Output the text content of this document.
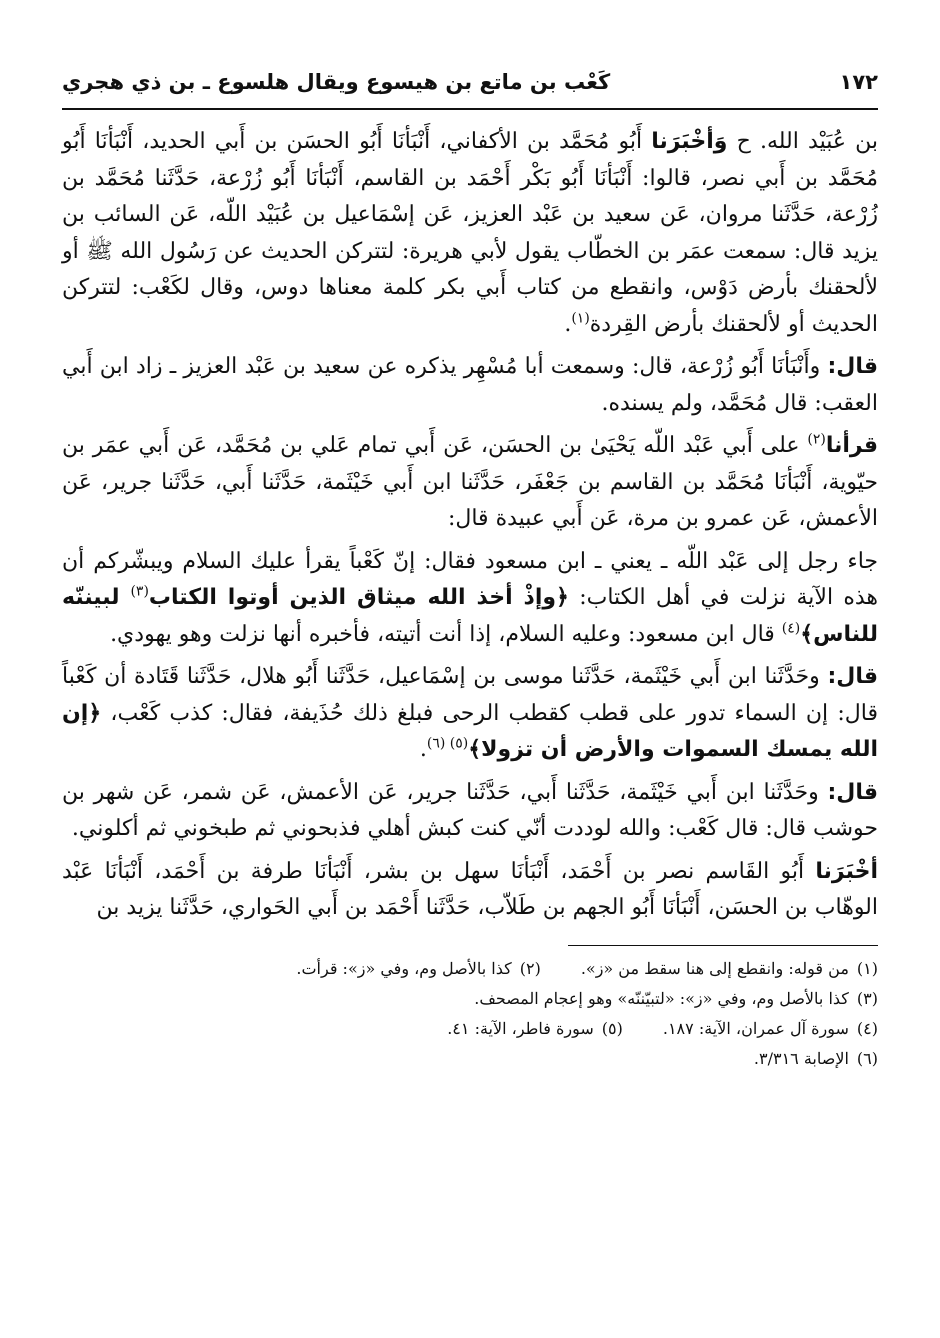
١٧٢
كَعْب بن ماتع بن هيسوع ويقال هلسوع ـ بن ذي هجري

بن عُبَيْد الله. ح وَأخْبَرَنا أَبُو مُحَمَّد بن الأكفاني، أَنْبَأنَا أَبُو الحسَن بن أَبي الحديد، أَنْبَأنَا أَبُو مُحَمَّد بن أَبي نصر، قالوا: أَنْبَأنَا أَبُو بَكْر أَحْمَد بن القاسم، أَنْبَأنَا أَبُو زُرْعة، حَدَّثَنا مُحَمَّد بن زُرْعة، حَدَّثَنا مروان، عَن سعيد بن عَبْد العزيز، عَن إسْمَاعيل بن عُبَيْد اللّه، عَن السائب بن يزيد قال: سمعت عمَر بن الخطّاب يقول لأبي هريرة: لتتركن الحديث عن رَسُول الله ﷺ أو لألحقنك بأرض دَوْس، وانقطع من كتاب أَبي بكر كلمة معناها دوس، وقال لكَعْب: لتتركن الحديث أو لألحقنك بأرض القِردة$^{(١)}$.

قال: وأَنْبَأنَا أَبُو زُرْعة، قال: وسمعت أبا مُسْهِر يذكره عن سعيد بن عَبْد العزيز ـ زاد ابن أَبي العقب: قال مُحَمَّد، ولم يسنده.

قرأنا$^{(٢)}$ على أَبي عَبْد اللّه يَحْيَىٰ بن الحسَن، عَن أَبي تمام عَلي بن مُحَمَّد، عَن أَبي عمَر بن حيّوية، أَنْبَأنَا مُحَمَّد بن القاسم بن جَعْفَر، حَدَّثَنا ابن أَبي خَيْثَمة، حَدَّثَنا أَبي، حَدَّثَنا جرير، عَن الأعمش، عَن عمرو بن مرة، عَن أَبي عبيدة قال:

جاء رجل إلى عَبْد اللّه ـ يعني ـ ابن مسعود فقال: إنّ كَعْباً يقرأ عليك السلام ويبشّركم أن هذه الآية نزلت في أهل الكتاب: ﴿وإذْ أخذ الله ميثاق الذين أوتوا الكتاب$^{(٣)}$ لبيننّه للناس﴾$^{(٤)}$ قال ابن مسعود: وعليه السلام، إذا أنت أتيته، فأخبره أنها نزلت وهو يهودي.

قال: وحَدَّثَنا ابن أَبي خَيْثَمة، حَدَّثَنا موسى بن إسْمَاعيل، حَدَّثَنا أَبُو هلال، حَدَّثَنا قَتَادة أن كَعْباً قال: إن السماء تدور على قطب كقطب الرحى فبلغ ذلك حُذَيفة، فقال: كذب كَعْب، ﴿إن الله يمسك السموات والأرض أن تزولا﴾$^{(٥) (٦)}$.

قال: وحَدَّثَنا ابن أَبي خَيْثَمة، حَدَّثَنا أَبي، حَدَّثَنا جرير، عَن الأعمش، عَن شمر، عَن شهر بن حوشب قال: قال كَعْب: والله لوددت أنّي كنت كبش أهلي فذبحوني ثم طبخوني ثم أكلوني.

أخْبَرَنا أَبُو القَاسم نصر بن أَحْمَد، أَنْبَأنَا سهل بن بشر، أَنْبَأنَا طرفة بن أَحْمَد، أَنْبَأنَا عَبْد الوهّاب بن الحسَن، أَنْبَأنَا أَبُو الجهم بن طَلاّب، حَدَّثَنا أَحْمَد بن أَبي الحَواري، حَدَّثَنا يزيد بن

(١)من قوله: وانقطع إلى هنا سقط من «ز».
(٢)كذا بالأصل وم، وفي «ز»: قرأت.
(٣)كذا بالأصل وم، وفي «ز»: «لتبيّننّه» وهو إعجام المصحف.
(٤)سورة آل عمران، الآية: ١٨٧.
(٥)سورة فاطر، الآية: ٤١.
(٦)الإصابة ٣/٣١٦.
